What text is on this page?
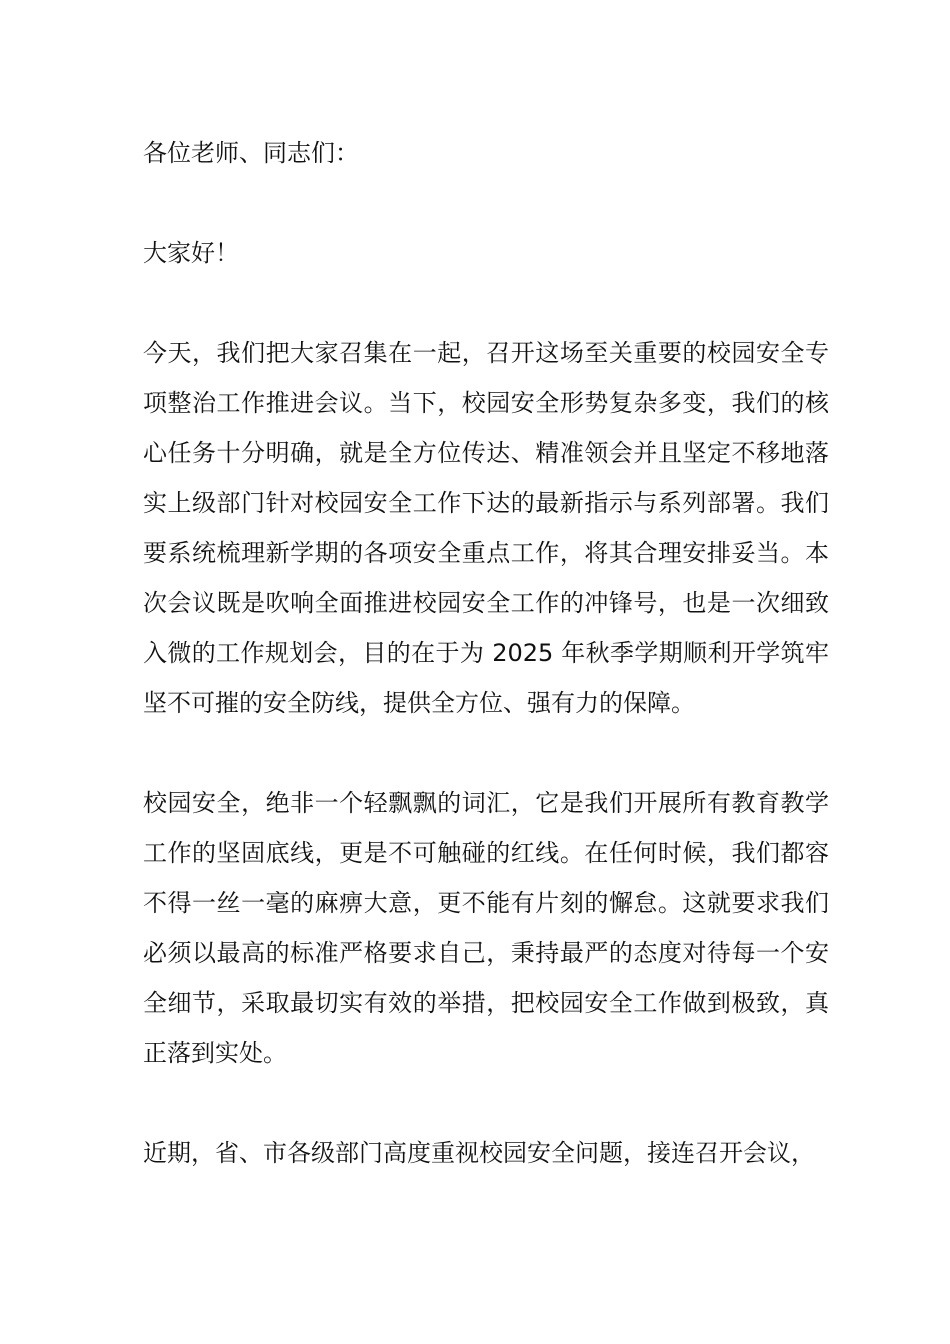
各位老师、同志们：

大家好！

今天，我们把大家召集在一起，召开这场至关重要的校园安全专项整治工作推进会议。当下，校园安全形势复杂多变，我们的核心任务十分明确，就是全方位传达、精准领会并且坚定不移地落实上级部门针对校园安全工作下达的最新指示与系列部署。我们要系统梳理新学期的各项安全重点工作，将其合理安排妥当。本次会议既是吹响全面推进校园安全工作的冲锋号，也是一次细致入微的工作规划会，目的在于为 2025 年秋季学期顺利开学筑牢坚不可摧的安全防线，提供全方位、强有力的保障。

校园安全，绝非一个轻飘飘的词汇，它是我们开展所有教育教学工作的坚固底线，更是不可触碰的红线。在任何时候，我们都容不得一丝一毫的麻痹大意，更不能有片刻的懈怠。这就要求我们必须以最高的标准严格要求自己，秉持最严的态度对待每一个安全细节，采取最切实有效的举措，把校园安全工作做到极致，真正落到实处。

近期，省、市各级部门高度重视校园安全问题，接连召开会议，
